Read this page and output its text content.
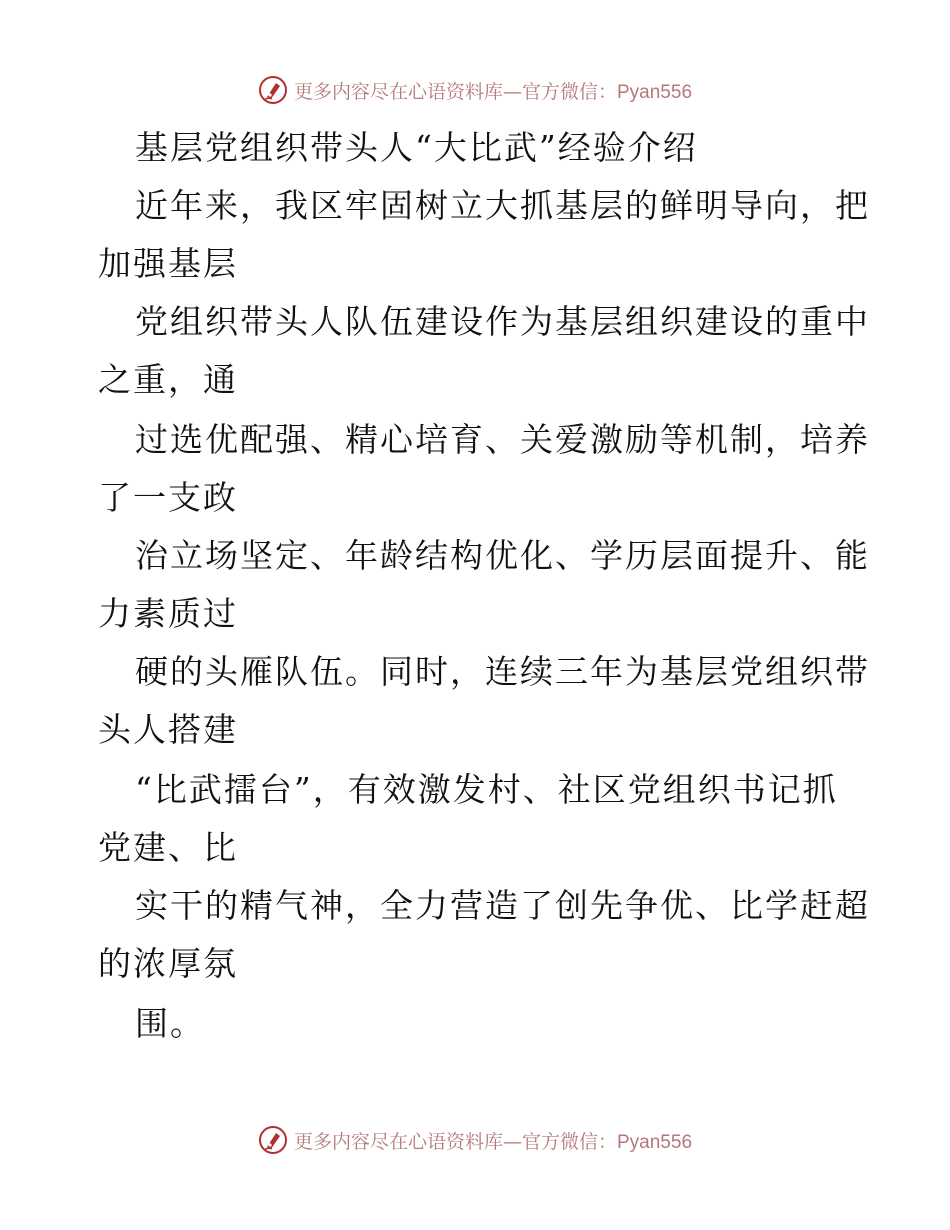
更多内容尽在心语资料库—官方微信：Pyan556
基层党组织带头人“大比武”经验介绍
近年来，我区牢固树立大抓基层的鲜明导向，把
加强基层
党组织带头人队伍建设作为基层组织建设的重中
之重，通
过选优配强、精心培育、关爱激励等机制，培养
了一支政
治立场坚定、年龄结构优化、学历层面提升、能
力素质过
硬的头雁队伍。同时，连续三年为基层党组织带
头人搭建
“比武擂台”，有效激发村、社区党组织书记抓
党建、比
实干的精气神，全力营造了创先争优、比学赶超
的浓厚氛
围。
更多内容尽在心语资料库—官方微信：Pyan556
